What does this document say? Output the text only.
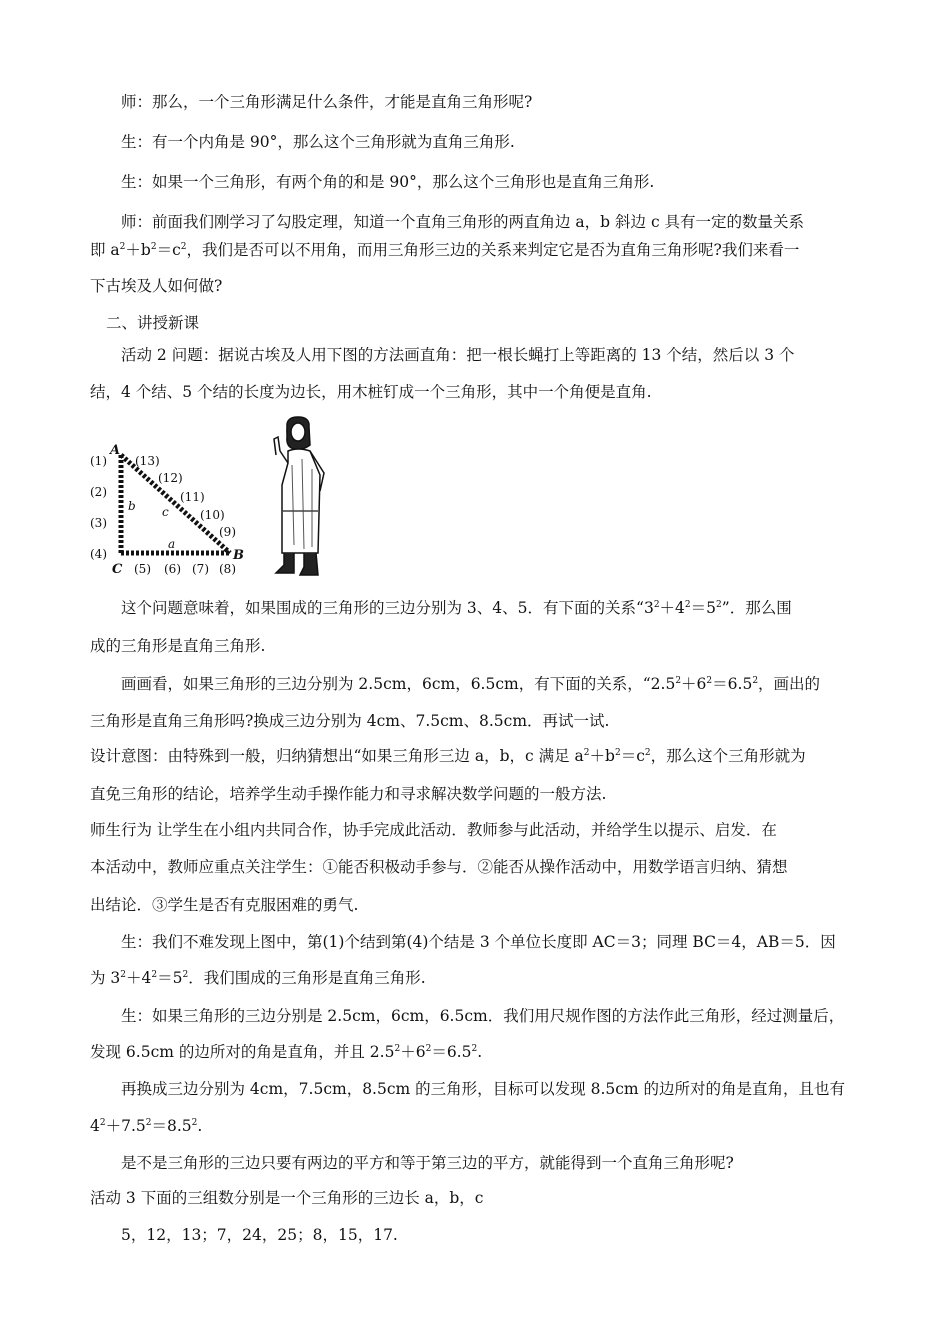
师：那么，一个三角形满足什么条件，才能是直角三角形呢?
生：有一个内角是 90°，那么这个三角形就为直角三角形.
生：如果一个三角形，有两个角的和是 90°，那么这个三角形也是直角三角形.
师：前面我们刚学习了勾股定理，知道一个直角三角形的两直角边 a，b 斜边 c 具有一定的数量关系
即 $a^2+b^2=c^2$，我们是否可以不用角，而用三角形三边的关系来判定它是否为直角三角形呢?我们来看一
下古埃及人如何做?
二、讲授新课
活动 2 问题：据说古埃及人用下图的方法画直角：把一根长蝇打上等距离的 13 个结，然后以 3 个
结，4 个结、5 个结的长度为边长，用木桩钉成一个三角形，其中一个角便是直角.
A
B
C
b c
a
(1)
(2)
(3)
(4)
(5) (6) (7) (8)
(9)
(10)
(11)
(12)
(13)
这个问题意味着，如果围成的三角形的三边分别为 3、4、5．有下面的关系“$3^2+4^2=5^2$”．那么围
成的三角形是直角三角形.
画画看，如果三角形的三边分别为 2.5cm，6cm，6.5cm，有下面的关系，“$2.5^2+6^2=6.5^2$，画出的
三角形是直角三角形吗?换成三边分别为 4cm、7.5cm、8.5cm．再试一试.
设计意图：由特殊到一般，归纳猜想出“如果三角形三边 a，b，c 满足 $a^2+b^2=c^2$，那么这个三角形就为
直免三角形的结论，培养学生动手操作能力和寻求解决数学问题的一般方法.
师生行为 让学生在小组内共同合作，协手完成此活动．教师参与此活动，并给学生以提示、启发．在
本活动中，教师应重点关注学生：①能否积极动手参与．②能否从操作活动中，用数学语言归纳、猜想
出结论．③学生是否有克服困难的勇气.
生：我们不难发现上图中，第(1)个结到第(4)个结是 3 个单位长度即 AC＝3；同理 BC＝4，AB＝5．因
为 $3^2+4^2=5^2$．我们围成的三角形是直角三角形.
生：如果三角形的三边分别是 2.5cm，6cm，6.5cm．我们用尺规作图的方法作此三角形，经过测量后，
发现 6.5cm 的边所对的角是直角，并且 $2.5^2+6^2=6.5^2$.
再换成三边分别为 4cm，7.5cm，8.5cm 的三角形，目标可以发现 8.5cm 的边所对的角是直角，且也有
$4^2+7.5^2=8.5^2$.
是不是三角形的三边只要有两边的平方和等于第三边的平方，就能得到一个直角三角形呢?
活动 3 下面的三组数分别是一个三角形的三边长 a，b，c
5，12，13；7，24，25；8，15，17.
